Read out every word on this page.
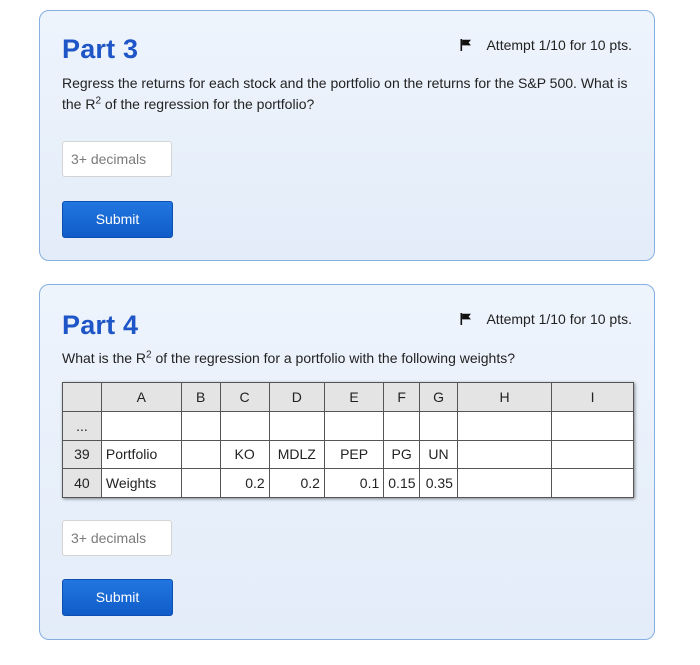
Part 3	Attempt 1/10 for 10 pts.
Regress the returns for each stock and the portfolio on the returns for the S&P 500. What is the $R^2$ of the regression for the portfolio?
3+ decimals
Submit
Part 4	Attempt 1/10 for 10 pts.
What is the $R^2$ of the regression for a portfolio with the following weights?
	A	B	C	D	E	F	G	H	I
...									
39	Portfolio		KO	MDLZ	PEP	PG	UN		
40	Weights		0.2	0.2	0.1	0.15	0.35		
3+ decimals
Submit
